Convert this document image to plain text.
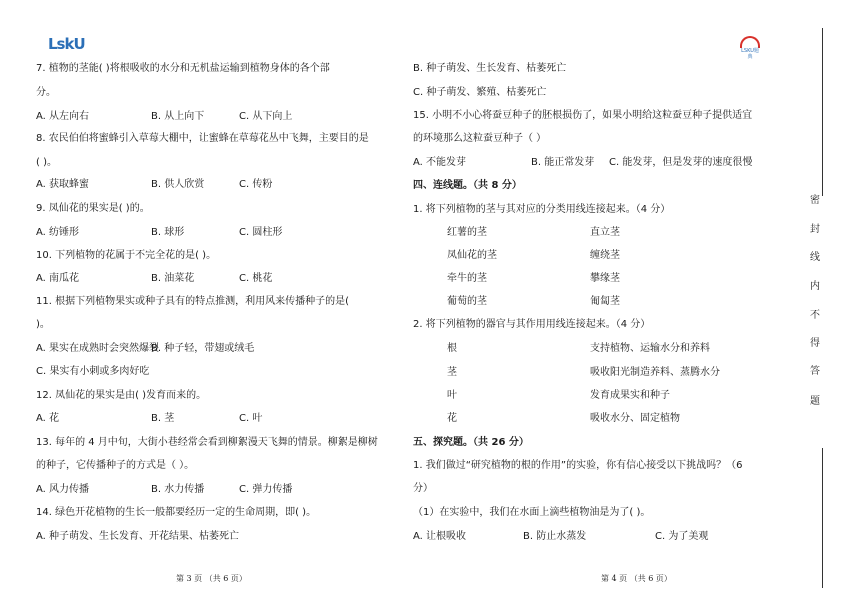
LskU	LSKU题典
7. 植物的茎能( )将根吸收的水分和无机盐运输到植物身体的各个部
分。
A. 从左向右	B. 从上向下	C. 从下向上
8. 农民伯伯将蜜蜂引入草莓大棚中，让蜜蜂在草莓花丛中飞舞，主要目的是
( )。
A. 获取蜂蜜	B. 供人欣赏	C. 传粉
9. 凤仙花的果实是( )的。
A. 纺锤形	B. 球形	C. 圆柱形
10. 下列植物的花属于不完全花的是( )。
A. 南瓜花	B. 油菜花	C. 桃花
11. 根据下列植物果实或种子具有的特点推测，利用风来传播种子的是(
)。
A. 果实在成熟时会突然爆裂
B. 种子轻，带翅或绒毛
C. 果实有小刺或多肉好吃
12. 凤仙花的果实是由( )发育而来的。
A. 花	B. 茎	C. 叶
13. 每年的 4 月中旬，大街小巷经常会看到柳絮漫天飞舞的情景。柳絮是柳树
的种子，它传播种子的方式是（ ）。
A. 风力传播	B. 水力传播	C. 弹力传播
14. 绿色开花植物的生长一般都要经历一定的生命周期，即( )。
A. 种子萌发、生长发育、开花结果、枯萎死亡
第 3 页 （共 6 页）
B. 种子萌发、生长发育、枯萎死亡
C. 种子萌发、繁殖、枯萎死亡
15. 小明不小心将蚕豆种子的胚根损伤了，如果小明给这粒蚕豆种子提供适宜
的环境那么这粒蚕豆种子（ ）
A. 不能发芽	B. 能正常发芽 C. 能发芽，但是发芽的速度很慢
四、连线题。（共 8 分）
1. 将下列植物的茎与其对应的分类用线连接起来。（4 分）
红薯的茎	直立茎
凤仙花的茎	缠绕茎
牵牛的茎	攀缘茎
葡萄的茎	匍匐茎
2. 将下列植物的器官与其作用用线连接起来。（4 分）
根	支持植物、运输水分和养料
茎	吸收阳光制造养料、蒸腾水分
叶	发育成果实和种子
花	吸收水分、固定植物
五、探究题。（共 26 分）
1. 我们做过“研究植物的根的作用”的实验，你有信心接受以下挑战吗？（6
分）
（1）在实验中，我们在水面上滴些植物油是为了( )。
A. 让根吸收	B. 防止水蒸发	C. 为了美观
第 4 页 （共 6 页）
密
封
线
内
不
得
答
题
